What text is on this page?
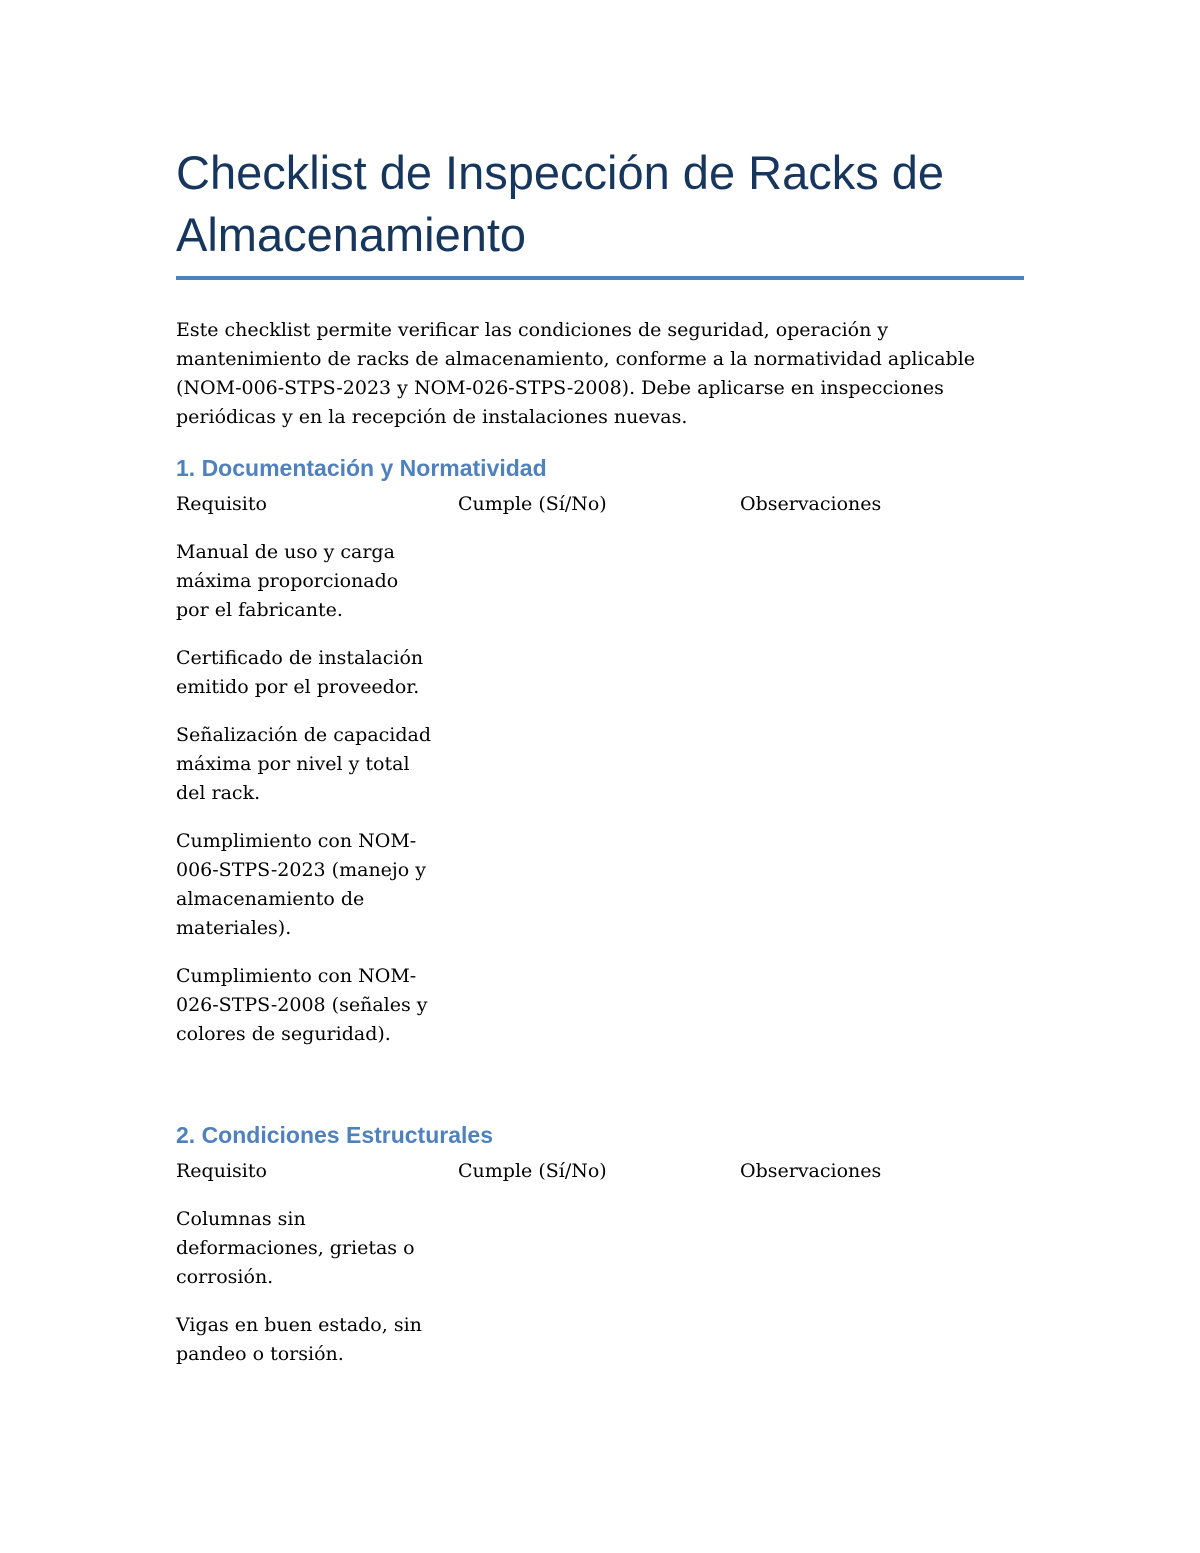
Checklist de Inspección de Racks de Almacenamiento

Este checklist permite verificar las condiciones de seguridad, operación y mantenimiento de racks de almacenamiento, conforme a la normatividad aplicable (NOM-006-STPS-2023 y NOM-026-STPS-2008). Debe aplicarse en inspecciones periódicas y en la recepción de instalaciones nuevas.

1. Documentación y Normatividad
Requisito	Cumple (Sí/No)	Observaciones
Manual de uso y carga máxima proporcionado por el fabricante.
Certificado de instalación emitido por el proveedor.
Señalización de capacidad máxima por nivel y total del rack.
Cumplimiento con NOM-006-STPS-2023 (manejo y almacenamiento de materiales).
Cumplimiento con NOM-026-STPS-2008 (señales y colores de seguridad).
2. Condiciones Estructurales
Requisito	Cumple (Sí/No)	Observaciones
Columnas sin deformaciones, grietas o corrosión.
Vigas en buen estado, sin pandeo o torsión.
